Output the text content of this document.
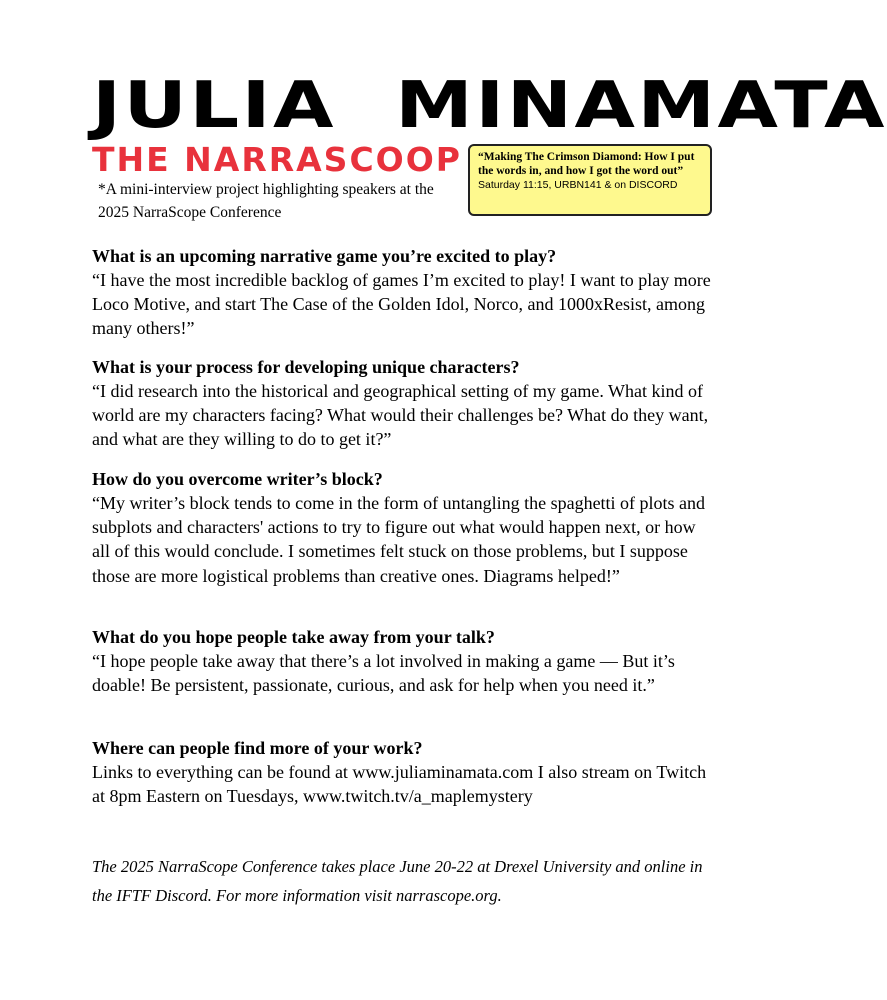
JULIA  MINAMATA
THE NARRASCOOP

*A mini-interview project highlighting speakers at the 2025 NarraScope Conference

“Making The Crimson Diamond: How I put the words in, and how I got the word out”

Saturday 11:15, URBN141 & on DISCORD

What is an upcoming narrative game you’re excited to play?

“I have the most incredible backlog of games I’m excited to play! I want to play more Loco Motive, and start The Case of the Golden Idol, Norco, and 1000xResist, among many others!”

What is your process for developing unique characters?

“I did research into the historical and geographical setting of my game. What kind of world are my characters facing? What would their challenges be? What do they want, and what are they willing to do to get it?”

How do you overcome writer’s block?

“My writer’s block tends to come in the form of untangling the spaghetti of plots and subplots and characters' actions to try to figure out what would happen next, or how all of this would conclude. I sometimes felt stuck on those problems, but I suppose those are more logistical problems than creative ones. Diagrams helped!”

What do you hope people take away from your talk?

“I hope people take away that there’s a lot involved in making a game — But it’s doable! Be persistent, passionate, curious, and ask for help when you need it.”

Where can people find more of your work?

Links to everything can be found at www.juliaminamata.com I also stream on Twitch at 8pm Eastern on Tuesdays, www.twitch.tv/a_maplemystery

The 2025 NarraScope Conference takes place June 20-22 at Drexel University and online in the IFTF Discord. For more information visit narrascope.org.
